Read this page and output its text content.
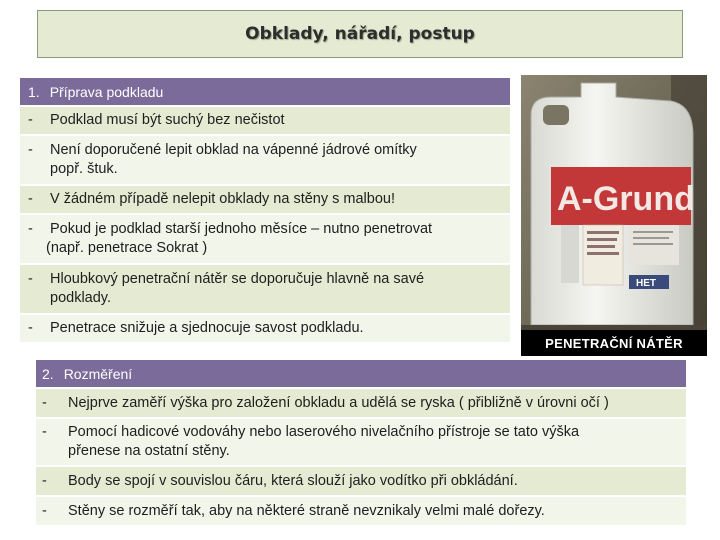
Obklady, nářadí, postup
1. Příprava podkladu
-	Podklad musí být suchý bez nečistot
-	Není doporučené lepit obklad na vápenné jádrové omítky
popř. štuk.
-	V žádném případě nelepit obklady na stěny s malbou!
-	Pokud je podklad starší jednoho měsíce – nutno penetrovat
(např. penetrace Sokrat )
-	Hloubkový penetrační nátěr se doporučuje hlavně na savé
podklady.
-	Penetrace snižuje a sjednocuje savost podkladu.
A-Grund
HET
PENETRAČNÍ NÁTĚR
2. Rozměření
-	Nejprve zaměří výška pro založení obkladu a udělá se ryska ( přibližně v úrovni očí )
-	Pomocí hadicové vodováhy nebo laserového nivelačního přístroje se tato výška
přenese na ostatní stěny.
-	Body se spojí v souvislou čáru, která slouží jako vodítko při obkládání.
-	Stěny se rozměří tak, aby na některé straně nevznikaly velmi malé dořezy.
